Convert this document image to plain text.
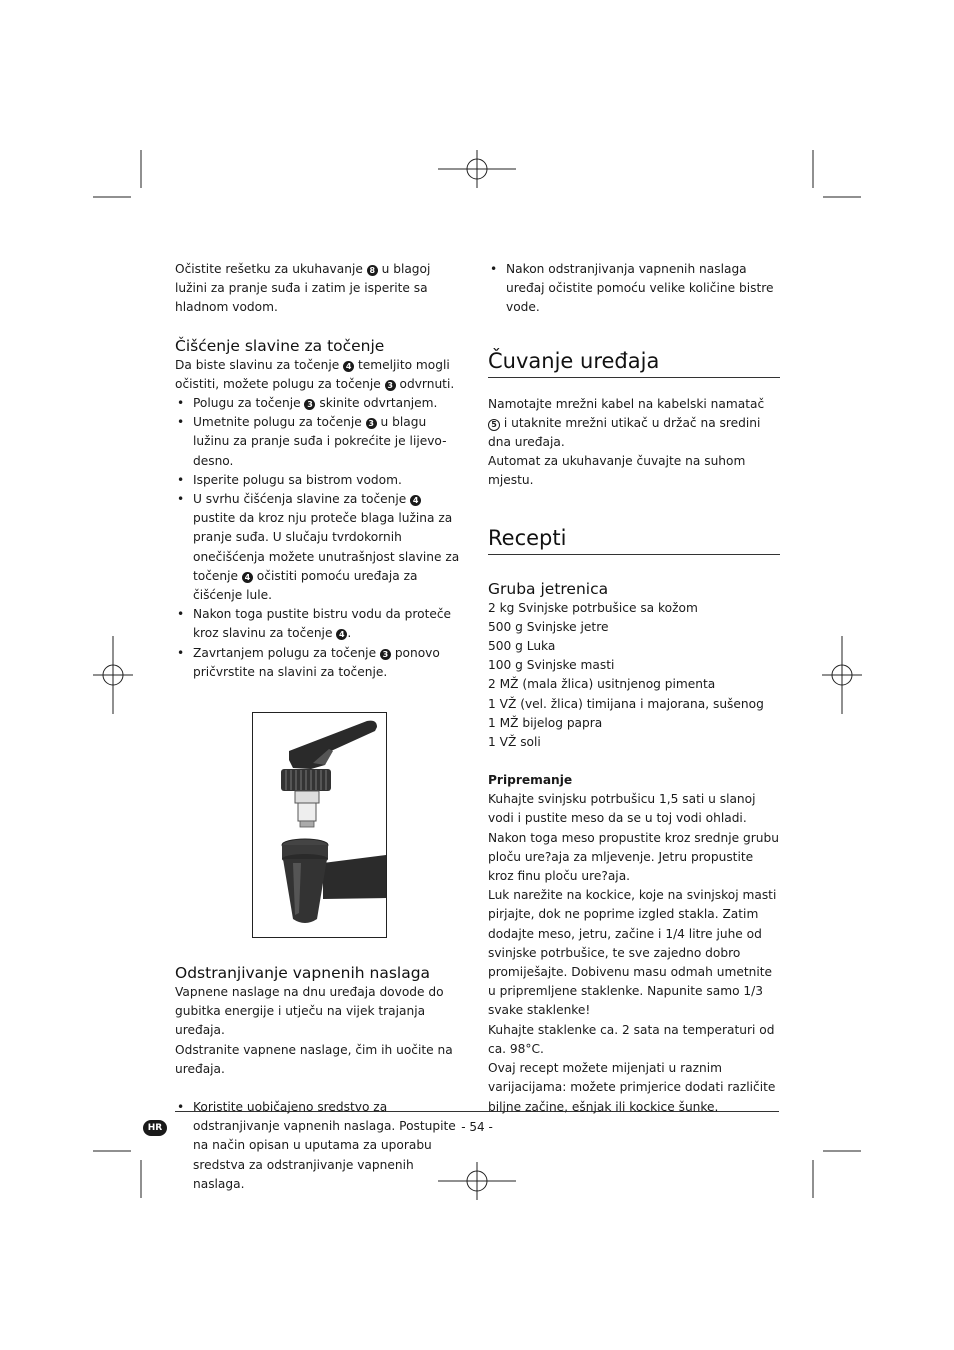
Očistite rešetku za ukuhavanje 8 u blagoj lužini za pranje suđa i zatim je isperite sa hladnom vodom.

Čišćenje slavine za točenje

Da biste slavinu za točenje 4 temeljito mogli očistiti, možete polugu za točenje 3 odvrnuti.

• Polugu za točenje 3 skinite odvrtanjem.
• Umetnite polugu za točenje 3 u blagu lužinu za pranje suđa i pokrećite je lijevo-desno.
• Isperite polugu sa bistrom vodom.
• U svrhu čišćenja slavine za točenje 4 pustite da kroz nju proteče blaga lužina za pranje suđa. U slučaju tvrdokornih onečišćenja možete unutrašnjost slavine za točenje 4 očistiti pomoću uređaja za čišćenje lule.
• Nakon toga pustite bistru vodu da proteče kroz slavinu za točenje 4 .
• Zavrtanjem polugu za točenje 3 ponovo pričvrstite na slavini za točenje.
Odstranjivanje vapnenih naslaga

Vapnene naslage na dnu uređaja dovode do gubitka energije i utječu na vijek trajanja uređaja.

Odstranite vapnene naslage, čim ih uočite na uređaja.

• Koristite uobičajeno sredstvo za odstranjivanje vapnenih naslaga. Postupite na način opisan u uputama za uporabu sredstva za odstranjivanje vapnenih naslaga.
• Nakon odstranjivanja vapnenih naslaga uređaj očistite pomoću velike količine bistre vode.
Čuvanje uređaja

Namotajte mrežni kabel na kabelski namatač 5 i utaknite mrežni utikač u držač na sredini dna uređaja.

Automat za ukuhavanje čuvajte na suhom mjestu.

Recepti
Gruba jetrenica

2 kg Svinjske potrbušice sa kožom

500 g Svinjske jetre

500 g Luka

100 g Svinjske masti

2 MŽ (mala žlica) usitnjenog pimenta

1 VŽ (vel. žlica) timijana i majorana, sušenog

1 MŽ bijelog papra

1 VŽ soli

Pripremanje

Kuhajte svinjsku potrbušicu 1,5 sati u slanoj vodi i pustite meso da se u toj vodi ohladi. Nakon toga meso propustite kroz srednje grubu ploču ure?aja za mljevenje. Jetru propustite kroz finu ploču ure?aja.

Luk narežite na kockice, koje na svinjskoj masti pirjajte, dok ne poprime izgled stakla. Zatim dodajte meso, jetru, začine i 1/4 litre juhe od svinjske potrbušice, te sve zajedno dobro promiješajte. Dobivenu masu odmah umetnite u pripremljene staklenke. Napunite samo 1/3 svake staklenke!

Kuhajte staklenke ca. 2 sata na temperaturi od ca. 98°C.

Ovaj recept možete mijenjati u raznim varijacijama: možete primjerice dodati različite biljne začine, ešnjak ili kockice šunke.

HR	- 54 -
